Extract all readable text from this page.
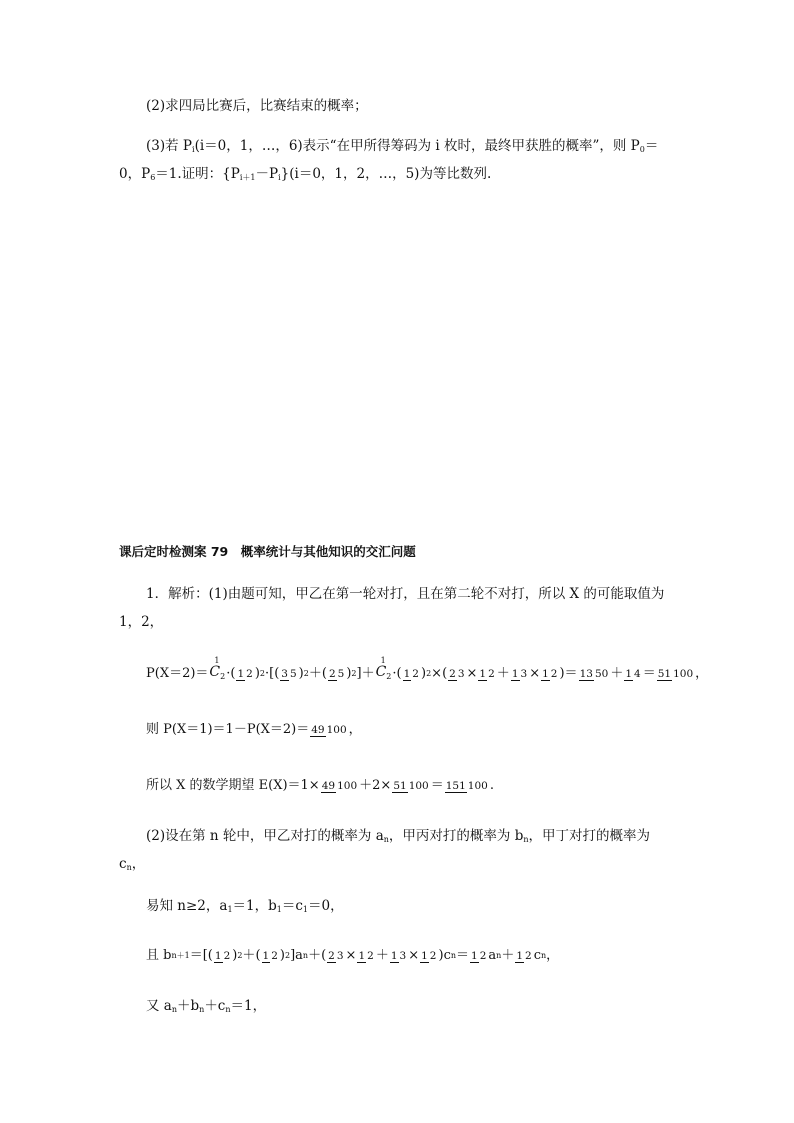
(2)求四局比赛后，比赛结束的概率；
(3)若 $P_i(i=0$，1，…，6)表示“在甲所得筹码为 i 枚时，最终甲获胜的概率”，则 $P_0=$
0，$P_6=1$.证明：$\{P_{i+1}-P_i\}(i=0$，1，2，…，5)为等比数列.
课后定时检测案 79　概率统计与其他知识的交汇问题
1．解析：(1)由题可知，甲乙在第一轮对打，且在第二轮不对打，所以 X 的可能取值为
1，2，
P(X＝2)＝ C
1
$_2$ · ( 1 2 ) 2 · [( 3 5 ) 2 ＋ ( 2 5 ) 2 ] ＋ C
1
$_2$ · ( 1 2 ) 2 × ( 2 3 × 1 2 ＋ 1 3 × 1 2 ) ＝ 13 50 ＋ 1 4 ＝ 51 100 ，
则 P(X＝1)＝1－P(X＝2)＝ 49 100 ，
所以 X 的数学期望 E(X)＝1× 49 100 ＋2× 51 100 ＝ 151 100 .
(2)设在第 n 轮中，甲乙对打的概率为 $a_n$，甲丙对打的概率为 $b_n$，甲丁对打的概率为
$c_n$，
易知 n≥2，$a_1=1$，$b_1=c_1=0$，
且 b n＋1 ＝[( 1 2 ) 2 ＋ ( 1 2 ) 2 ] a n ＋ ( 2 3 × 1 2 ＋ 1 3 × 1 2 ) c n ＝ 1 2 a n ＋ 1 2 c n ，
又 $a_n+b_n+c_n=1$，
